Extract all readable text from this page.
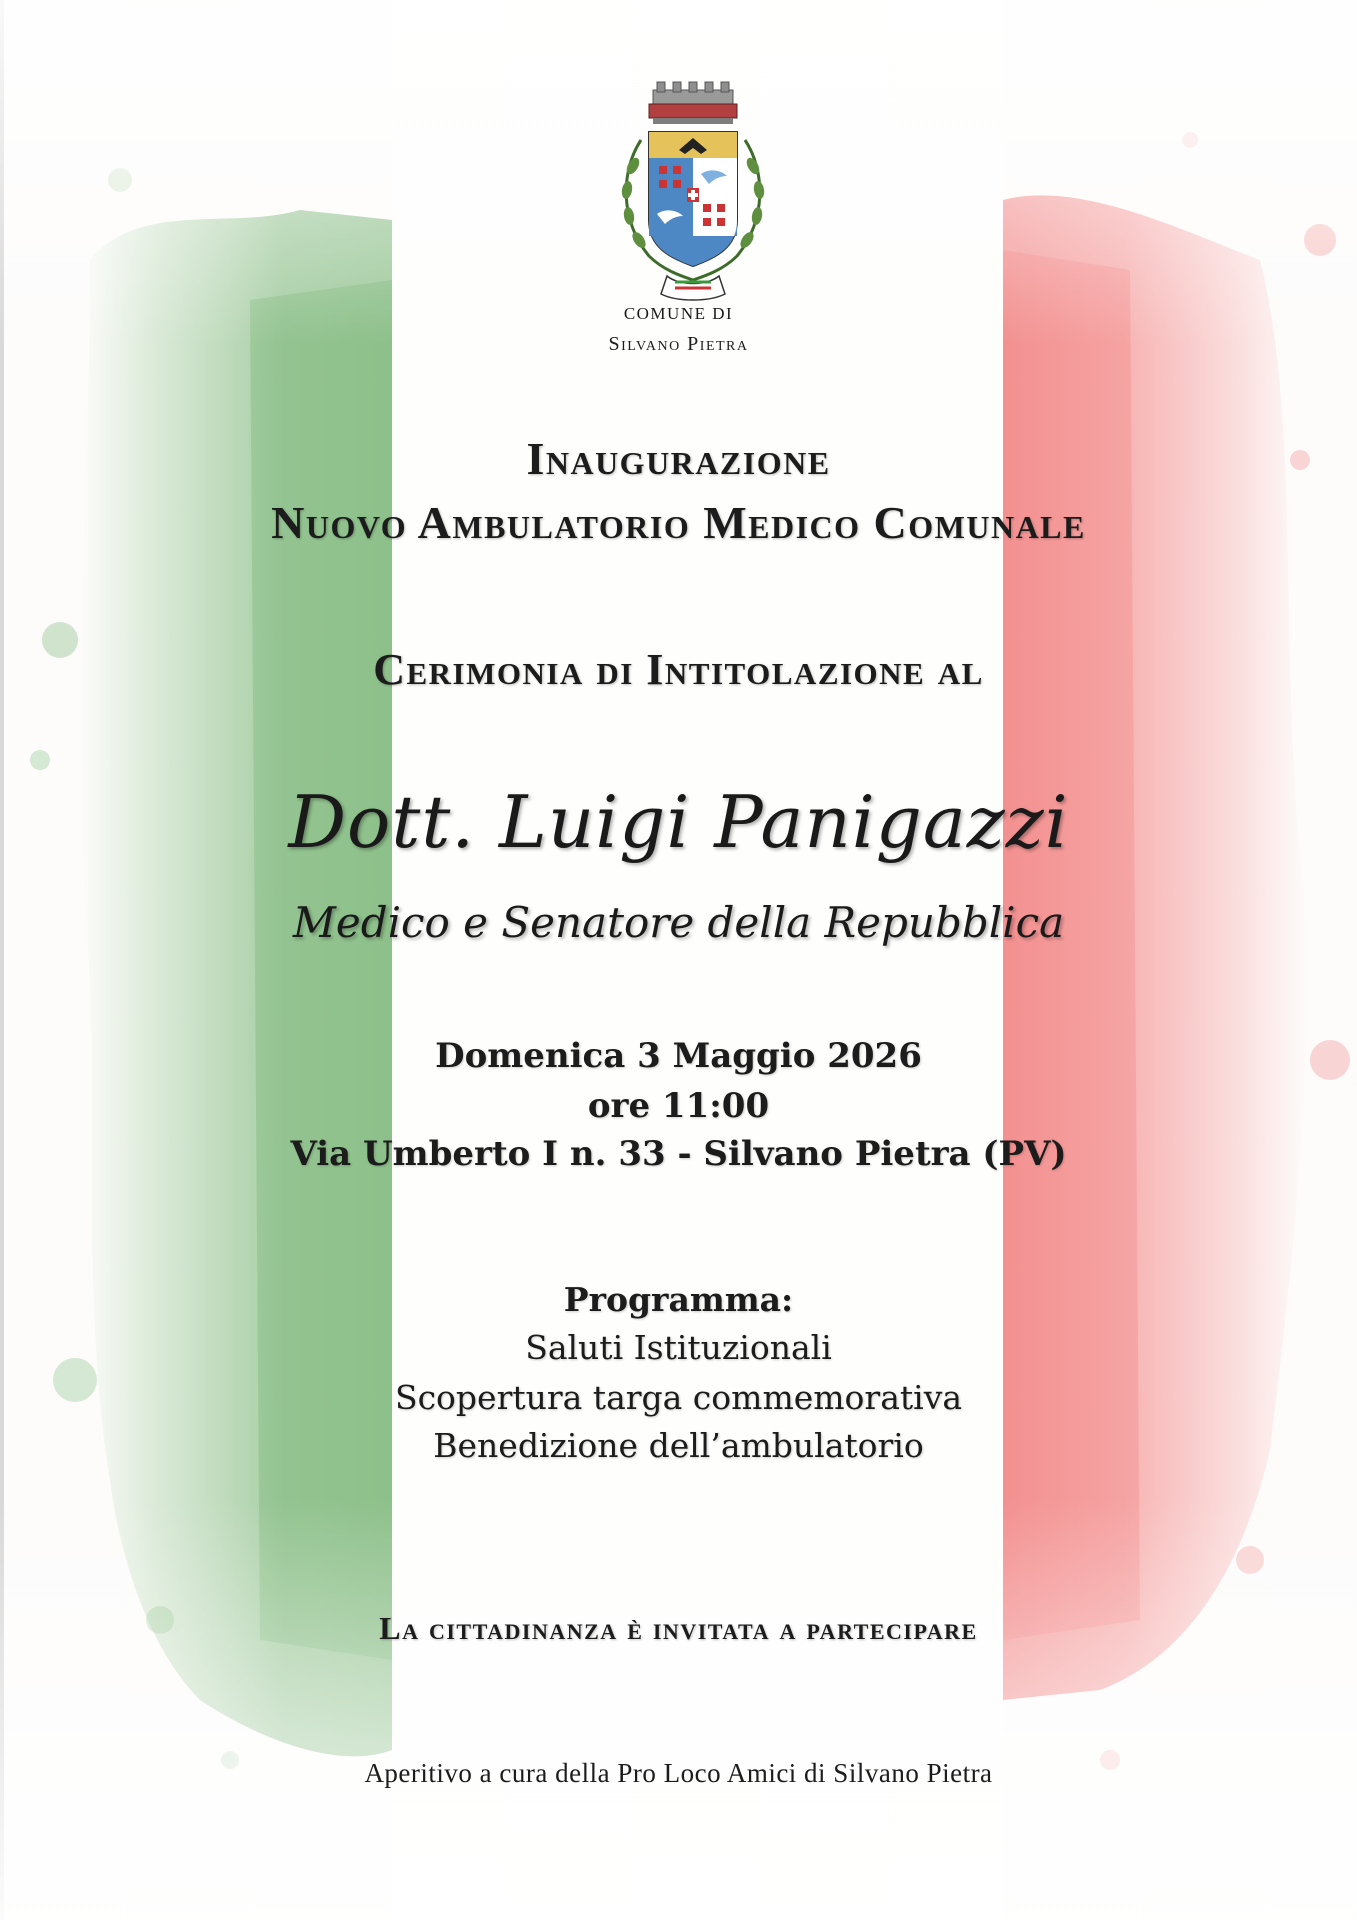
COMUNE DI
Silvano Pietra
Inaugurazione
Nuovo Ambulatorio Medico Comunale
Cerimonia di Intitolazione al
Dott. Luigi Panigazzi
Medico e Senatore della Repubblica
Domenica 3 Maggio 2026
ore 11:00
Via Umberto I n. 33 - Silvano Pietra (PV)
Programma:
Saluti Istituzionali
Scopertura targa commemorativa
Benedizione dell’ambulatorio
La cittadinanza è invitata a partecipare
Aperitivo a cura della Pro Loco Amici di Silvano Pietra
